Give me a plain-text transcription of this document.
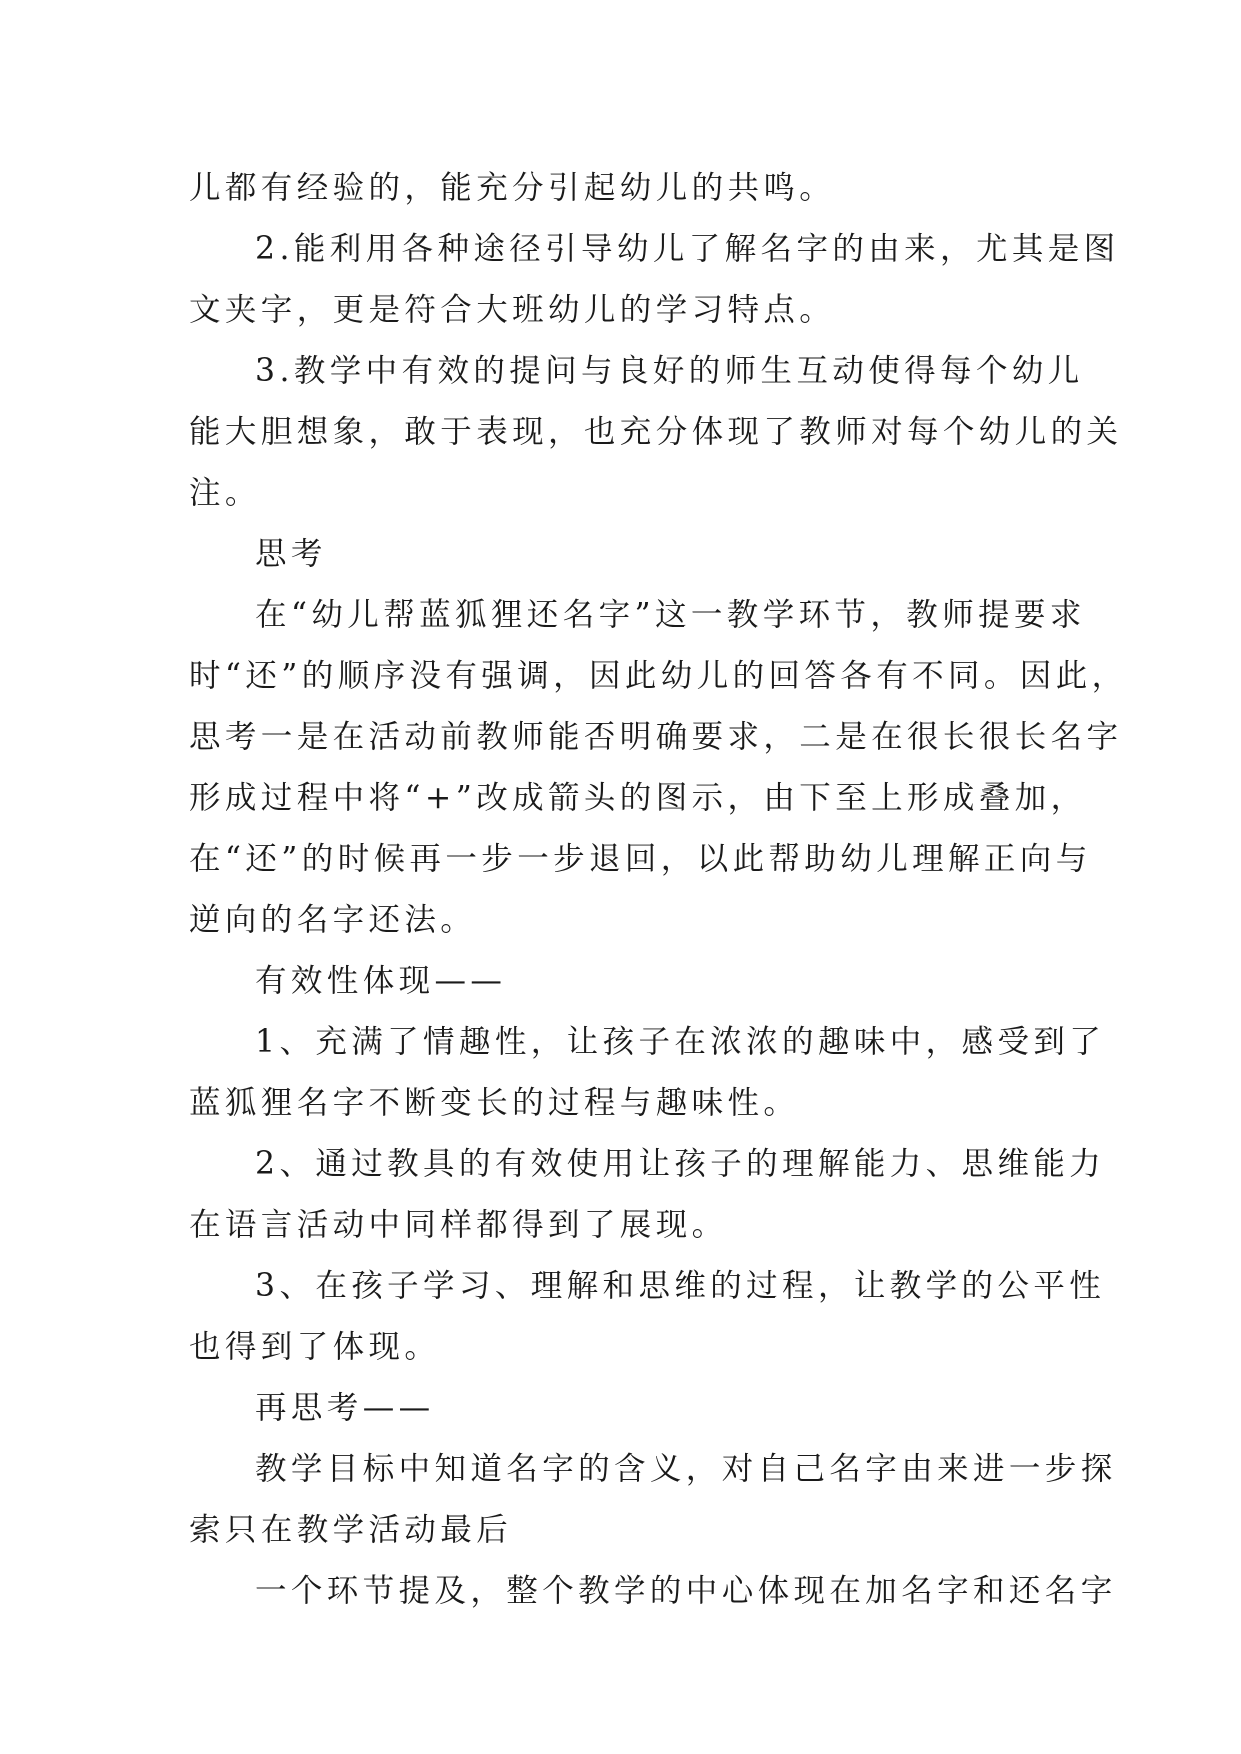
儿都有经验的，能充分引起幼儿的共鸣。
2.能利用各种途径引导幼儿了解名字的由来，尤其是图
文夹字，更是符合大班幼儿的学习特点。
3.教学中有效的提问与良好的师生互动使得每个幼儿
能大胆想象，敢于表现，也充分体现了教师对每个幼儿的关
注。
思考
在“幼儿帮蓝狐狸还名字”这一教学环节，教师提要求
时“还”的顺序没有强调，因此幼儿的回答各有不同。因此，
思考一是在活动前教师能否明确要求，二是在很长很长名字
形成过程中将“+”改成箭头的图示，由下至上形成叠加，
在“还”的时候再一步一步退回，以此帮助幼儿理解正向与
逆向的名字还法。
有效性体现——
1、充满了情趣性，让孩子在浓浓的趣味中，感受到了
蓝狐狸名字不断变长的过程与趣味性。
2、通过教具的有效使用让孩子的理解能力、思维能力
在语言活动中同样都得到了展现。
3、在孩子学习、理解和思维的过程，让教学的公平性
也得到了体现。
再思考——
教学目标中知道名字的含义，对自己名字由来进一步探
索只在教学活动最后
一个环节提及，整个教学的中心体现在加名字和还名字
